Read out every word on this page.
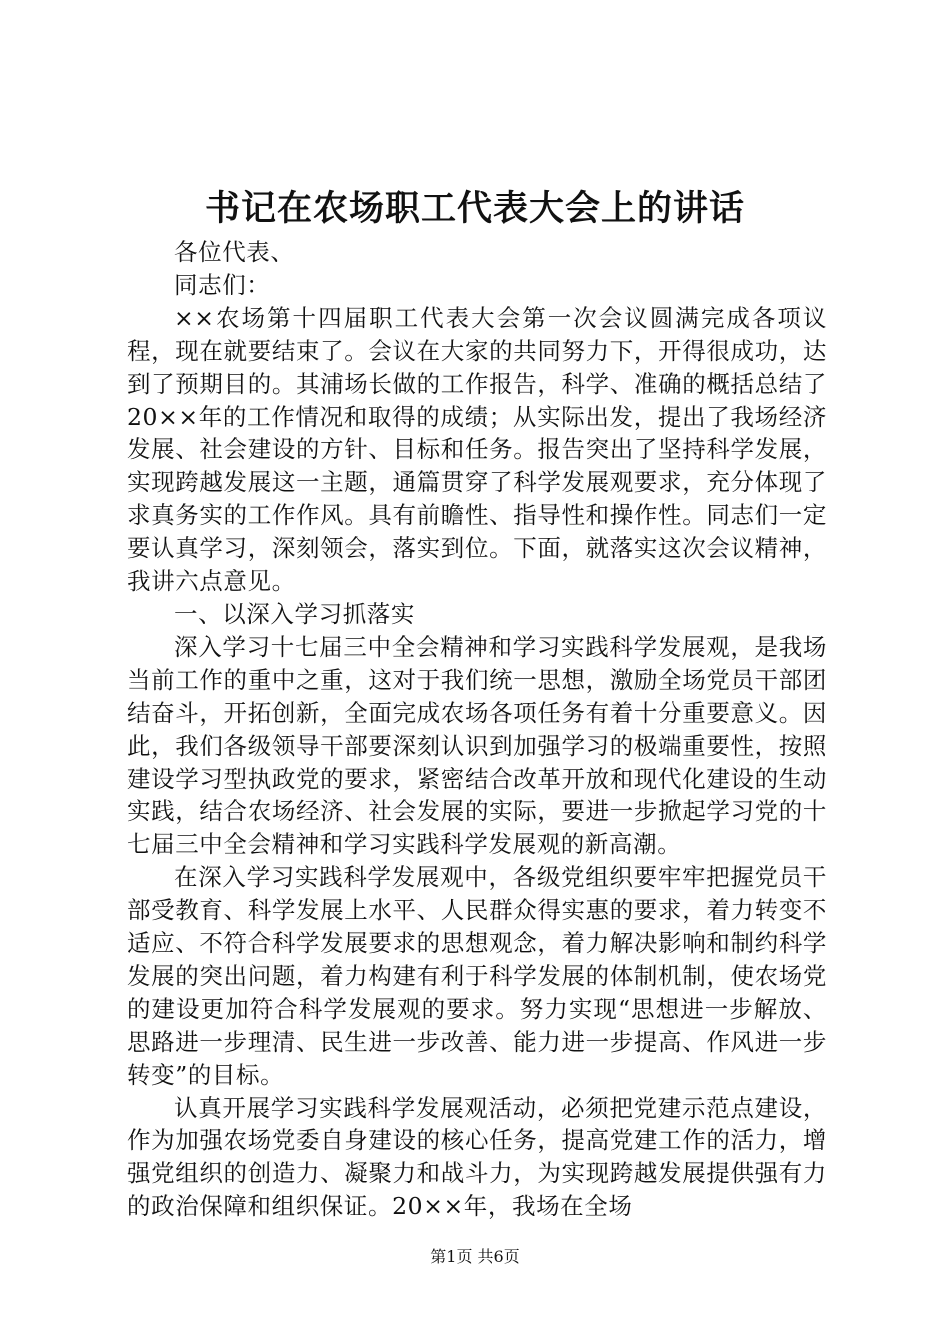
书记在农场职工代表大会上的讲话

各位代表、

同志们：

××农场第十四届职工代表大会第一次会议圆满完成各项议程，现在就要结束了。会议在大家的共同努力下，开得很成功，达到了预期目的。其浦场长做的工作报告，科学、准确的概括总结了20××年的工作情况和取得的成绩；从实际出发，提出了我场经济发展、社会建设的方针、目标和任务。报告突出了坚持科学发展，实现跨越发展这一主题，通篇贯穿了科学发展观要求，充分体现了求真务实的工作作风。具有前瞻性、指导性和操作性。同志们一定要认真学习，深刻领会，落实到位。下面，就落实这次会议精神，我讲六点意见。

一、以深入学习抓落实

深入学习十七届三中全会精神和学习实践科学发展观，是我场当前工作的重中之重，这对于我们统一思想，激励全场党员干部团结奋斗，开拓创新，全面完成农场各项任务有着十分重要意义。因此，我们各级领导干部要深刻认识到加强学习的极端重要性，按照建设学习型执政党的要求，紧密结合改革开放和现代化建设的生动实践，结合农场经济、社会发展的实际，要进一步掀起学习党的十七届三中全会精神和学习实践科学发展观的新高潮。

在深入学习实践科学发展观中，各级党组织要牢牢把握党员干部受教育、科学发展上水平、人民群众得实惠的要求，着力转变不适应、不符合科学发展要求的思想观念，着力解决影响和制约科学发展的突出问题，着力构建有利于科学发展的体制机制，使农场党的建设更加符合科学发展观的要求。努力实现“思想进一步解放、思路进一步理清、民生进一步改善、能力进一步提高、作风进一步转变”的目标。

认真开展学习实践科学发展观活动，必须把党建示范点建设，作为加强农场党委自身建设的核心任务，提高党建工作的活力，增强党组织的创造力、凝聚力和战斗力，为实现跨越发展提供强有力的政治保障和组织保证。20××年，我场在全场

第1页 共6页
